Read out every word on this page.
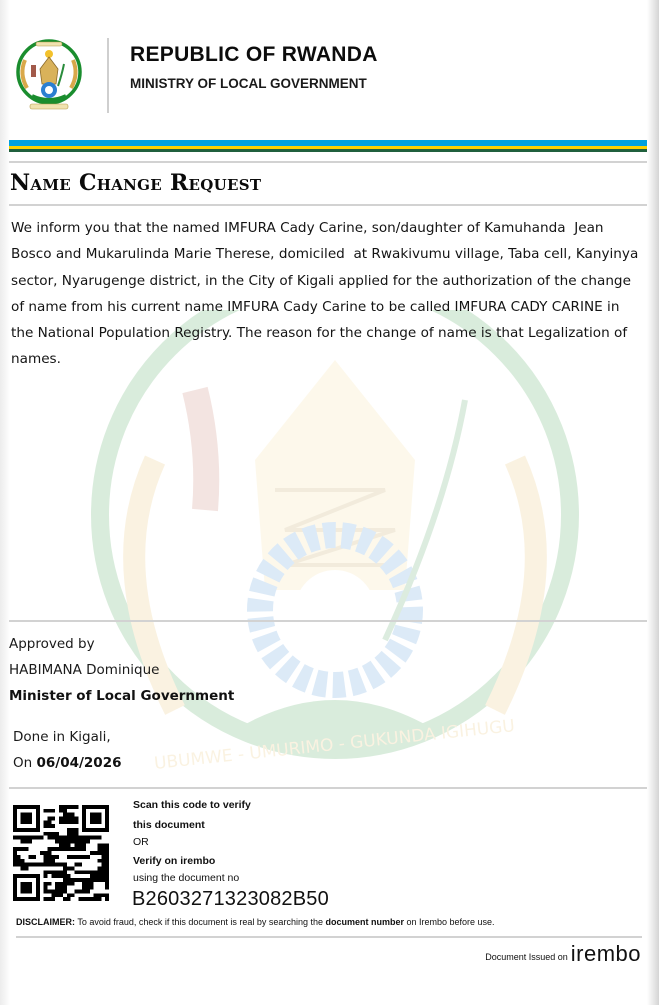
UBUMWE - UMURIMO - GUKUNDA IGIHUGU
REPUBLIC OF RWANDA
MINISTRY OF LOCAL GOVERNMENT
Name Change Request
We inform you that the named IMFURA Cady Carine, son/daughter of Kamuhanda  Jean Bosco and Mukarulinda Marie Therese, domiciled  at Rwakivumu village, Taba cell, Kanyinya sector, Nyarugenge district, in the City of Kigali applied for the authorization of the change of name from his current name IMFURA Cady Carine to be called IMFURA CADY CARINE in the National Population Registry. The reason for the change of name is that Legalization of names.
Approved by
HABIMANA Dominique
Minister of Local Government
Done in Kigali,
On 06/04/2026
Scan this code to verify
this document
OR
Verify on irembo
using the document no
B2603271323082B50
DISCLAIMER: To avoid fraud, check if this document is real by searching the document number on Irembo before use.
Document Issued on irembo
